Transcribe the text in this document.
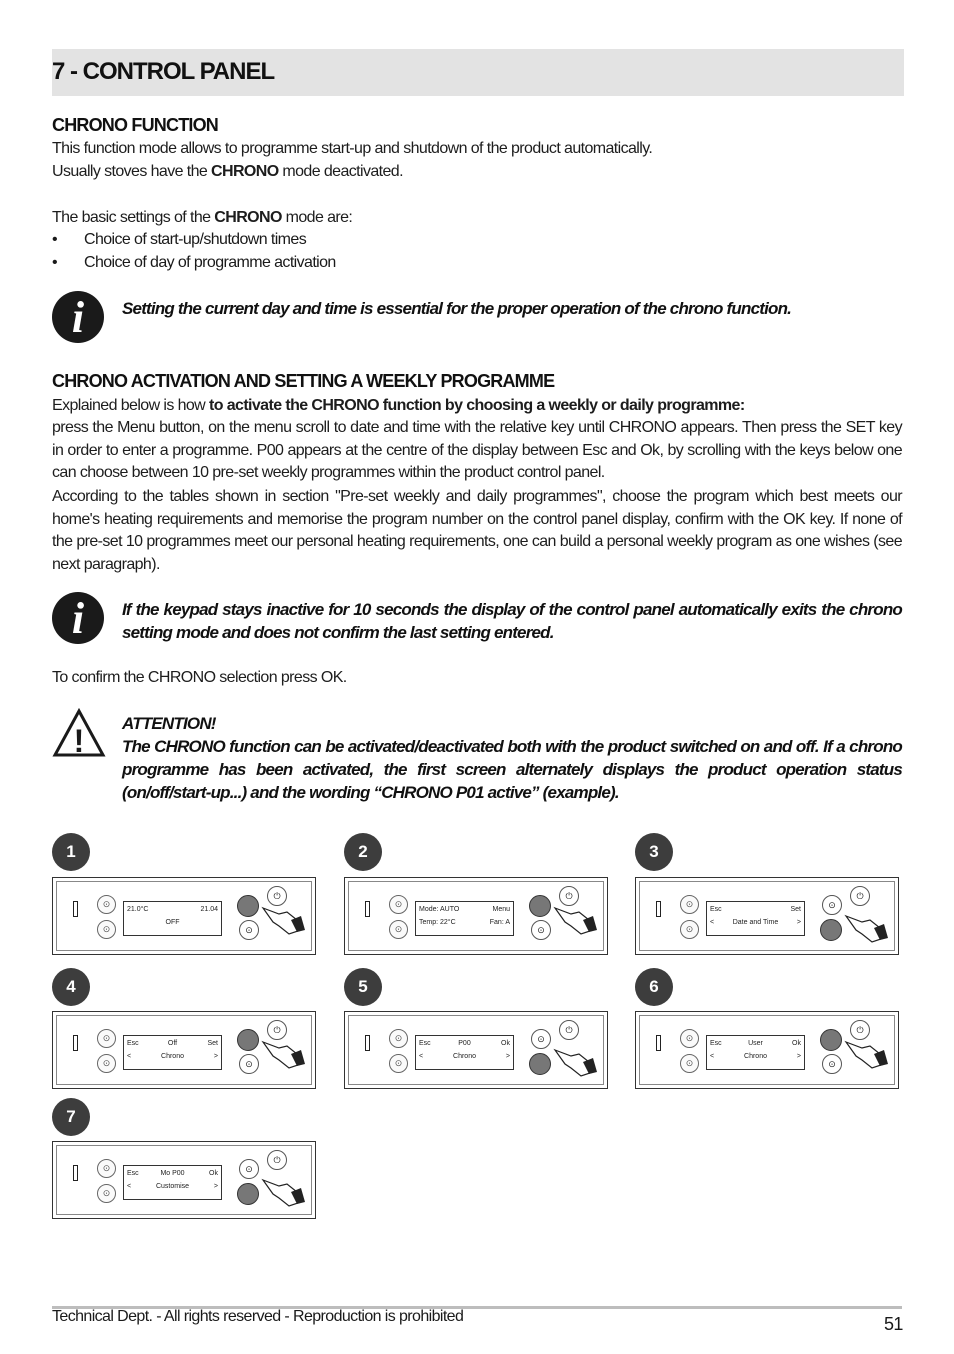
7 - CONTROL PANEL
CHRONO FUNCTION

This function mode allows to programme start-up and shutdown of the product automatically.

Usually stoves have the CHRONO mode deactivated.

The basic settings of the CHRONO mode are:

• Choice of start-up/shutdown times
• Choice of day of programme activation
i	Setting the current day and time is essential for the proper operation of the chrono function.
CHRONO ACTIVATION AND SETTING A WEEKLY PROGRAMME

Explained below is how to activate the CHRONO function by choosing a weekly or daily programme:

press the Menu button, on the menu scroll to date and time with the relative key until CHRONO appears. Then press the SET key in order to enter a programme. P00 appears at the centre of the display between Esc and Ok, by scrolling with the keys below one can choose between 10 pre-set weekly programmes within the product control panel.

According to the tables shown in section "Pre-set weekly and daily programmes", choose the program which best meets our home's heating requirements and memorise the program number on the control panel display, confirm with the OK key. If none of the pre-set 10 programmes meet our personal heating requirements, one can build a personal weekly program as one wishes (see next paragraph).

i	If the keypad stays inactive for 10 seconds the display of the control panel automatically exits the chrono setting mode and does not confirm the last setting entered.

To confirm the CHRONO selection press OK.

! ATTENTION!
The CHRONO function can be activated/deactivated both with the product switched on and off. If a chrono programme has been activated, the first screen alternately displays the product operation status (on/off/start-up...) and the wording “CHRONO P01 active” (example).
1
⊙
⊙
21.0°C	21.04
OFF
⊙
⏻
2
⊙
⊙
Mode: AUTO	Menu
Temp: 22°C	Fan: A
⊙
⏻
3
⊙
⊙
Esc	Set
<	Date and Time	>
⊙
⏻
4
⊙
⊙
Esc	Off	Set
<	Chrono	>
⊙
⏻
5
⊙
⊙
Esc	P00	Ok
<	Chrono	>
⊙
⏻
6
⊙
⊙
Esc	User	Ok
<	Chrono	>
⊙
⏻
7
⊙
⊙
Esc	Mo P00	Ok
<	Customise	>
⊙
⏻
Technical Dept. - All rights reserved - Reproduction is prohibited	51
